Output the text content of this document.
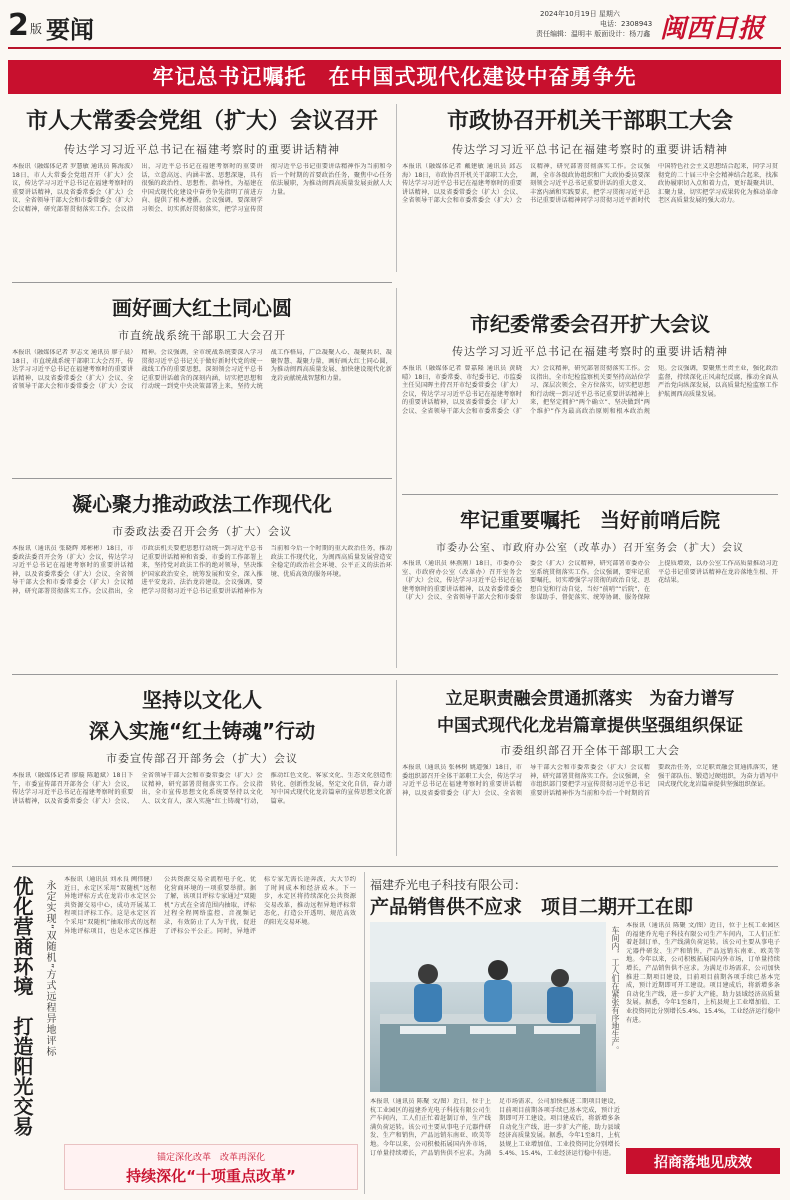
2 版 要闻
2024年10月19日 星期六
电话：2308943
责任编辑：温明丰 版面设计：杨刀鑫 闽西日报
牢记总书记嘱托　在中国式现代化建设中奋勇争先
市人大常委会党组（扩大）会议召开
传达学习习近平总书记在福建考察时的重要讲话精神
本报讯（融媒体记者 罗慧敏 通讯员 陈海波）18日，市人大常委会党组召开（扩大）会议，传达学习习近平总书记在福建考察时的重要讲话精神，以及省委常委会（扩大）会议、全省领导干部大会和市委常委会（扩大）会议精神，研究部署贯彻落实工作。会议指出，习近平总书记在福建考察时的重要讲话，立意高远、内涵丰富、思想深邃，具有很强的政治性、思想性、指导性，为福建在中国式现代化建设中奋勇争先指明了前进方向、提供了根本遵循。会议强调，要深刻学习领会、切实抓好贯彻落实，把学习宣传贯彻习近平总书记重要讲话精神作为当前和今后一个时期的首要政治任务，聚焦中心任务依法履职，为推动闽西高质量发展贡献人大力量。
市政协召开机关干部职工大会
传达学习习近平总书记在福建考察时的重要讲话精神
本报讯（融媒体记者 戴建敏 通讯员 邱志海）18日，市政协召开机关干部职工大会，传达学习习近平总书记在福建考察时的重要讲话精神，以及省委常委会（扩大）会议、全省领导干部大会和市委常委会（扩大）会议精神，研究部署贯彻落实工作。会议强调，全市各级政协组织和广大政协委员要深刻领会习近平总书记重要讲话的重大意义、丰富内涵和实践要求，把学习贯彻习近平总书记重要讲话精神同学习贯彻习近平新时代中国特色社会主义思想结合起来，同学习贯彻党的二十届三中全会精神结合起来，找准政协履职切入点和着力点，更好凝聚共识、汇聚力量，切实把学习成果转化为推动革命老区高质量发展的强大动力。
画好画大红土同心圆
市直统战系统干部职工大会召开
本报讯（融媒体记者 罗志文 通讯员 廖子晨）18日，市直统战系统干部职工大会召开，传达学习习近平总书记在福建考察时的重要讲话精神，以及省委常委会（扩大）会议、全省领导干部大会和市委常委会（扩大）会议精神。会议强调，全市统战系统要深入学习贯彻习近平总书记关于做好新时代党的统一战线工作的重要思想，深刻领会习近平总书记重要讲话蕴含的深刻内涵，切实把思想和行动统一到党中央决策部署上来，坚持大统战工作格局，广泛凝聚人心、凝聚共识、凝聚智慧、凝聚力量，画好画大红土同心圆，为推动闽西高质量发展、加快建设现代化新龙岩贡献统战智慧和力量。
市纪委常委会召开扩大会议
传达学习习近平总书记在福建考察时的重要讲话精神
本报讯（融媒体记者 曾嘉隆 通讯员 黄晓晴）18日，市委常委、市纪委书记、市监委主任吴国晖主持召开市纪委常委会（扩大）会议，传达学习习近平总书记在福建考察时的重要讲话精神，以及省委常委会（扩大）会议、全省领导干部大会和市委常委会（扩大）会议精神，研究部署贯彻落实工作。会议指出，全市纪检监察机关要坚持高站位学习、深层次领会、全方位落实，切实把思想和行动统一到习近平总书记重要讲话精神上来，把坚定拥护“两个确立”、坚决做到“两个维护”作为最高政治原则和根本政治规矩。会议强调，要聚焦主责主业，强化政治监督，持续深化正风肃纪反腐，推动全面从严治党向纵深发展，以高质量纪检监察工作护航闽西高质量发展。
凝心聚力推动政法工作现代化
市委政法委召开会务（扩大）会议
本报讯（通讯员 张晓辉 郑彬彬）18日，市委政法委召开会务（扩大）会议，传达学习习近平总书记在福建考察时的重要讲话精神，以及省委常委会（扩大）会议、全省领导干部大会和市委常委会（扩大）会议精神，研究部署贯彻落实工作。会议指出，全市政法机关要把思想行动统一到习近平总书记重要讲话精神和省委、市委的工作部署上来，坚持党对政法工作的绝对领导，坚决维护国家政治安全，统筹发展和安全，深入推进平安龙岩、法治龙岩建设。会议强调，要把学习贯彻习近平总书记重要讲话精神作为当前和今后一个时期的重大政治任务，推动政法工作现代化，为闽西高质量发展营造安全稳定的政治社会环境、公平正义的法治环境、优质高效的服务环境。
牢记重要嘱托　当好前哨后院
市委办公室、市政府办公室（改革办）召开室务会（扩大）会议
本报讯（通讯员 林燕刚）18日，市委办公室、市政府办公室（改革办）召开室务会（扩大）会议，传达学习习近平总书记在福建考察时的重要讲话精神，以及省委常委会（扩大）会议、全省领导干部大会和市委常委会（扩大）会议精神，研究部署市委办公室系统贯彻落实工作。会议强调，要牢记重要嘱托，切实增强学习贯彻的政治自觉、思想自觉和行动自觉，当好“前哨”“后院”，在参谋助手、督促落实、统筹协调、服务保障上提质增效，以办公室工作高质量推动习近平总书记重要讲话精神在龙岩落地生根、开花结果。
坚持以文化人
深入实施“红土铸魂”行动
市委宣传部召开部务会（扩大）会议
本报讯（融媒体记者 廖璇 陈超斌）18日下午，市委宣传部召开部务会（扩大）会议，传达学习习近平总书记在福建考察时的重要讲话精神，以及省委常委会（扩大）会议、全省领导干部大会和市委常委会（扩大）会议精神，研究部署贯彻落实工作。会议指出，全市宣传思想文化系统要坚持以文化人、以文育人，深入实施“红土铸魂”行动，推动红色文化、客家文化、生态文化创造性转化、创新性发展，坚定文化自信，奋力谱写中国式现代化龙岩篇章的宣传思想文化新篇章。
立足职责融会贯通抓落实　为奋力谱写
中国式现代化龙岩篇章提供坚强组织保证
市委组织部召开全体干部职工大会
本报讯（通讯员 张林树 姚道强）18日，市委组织部召开全体干部职工大会，传达学习习近平总书记在福建考察时的重要讲话精神，以及省委常委会（扩大）会议、全省领导干部大会和市委常委会（扩大）会议精神，研究部署贯彻落实工作。会议强调，全市组织部门要把学习宣传贯彻习近平总书记重要讲话精神作为当前和今后一个时期的首要政治任务，立足职责融会贯通抓落实，建强干部队伍、锻造过硬组织，为奋力谱写中国式现代化龙岩篇章提供坚强组织保证。
优化营商环境　打造阳光交易	永定实现“双随机”方式远程异地评标
本报讯（通讯员 刘永良 阙伟健）近日，永定区采用“双随机”远程异地评标方式在龙岩市永定区公共资源交易中心，成功开展某工程项目评标工作。这是永定区首个采用“双随机”抽取形式的远程异地评标项目，也是永定区推进公共资源交易全流程电子化、优化营商环境的一项重要举措。据了解，该项目评标专家通过“双随机”方式在全省范围内抽取，评标过程全程网络监控、音视频记录，有效防止了人为干扰，促进了评标公平公正。同时，异地评标专家无需长途奔波，大大节约了时间成本和经济成本。下一步，永定区将持续深化公共资源交易改革，推动远程异地评标常态化，打造公开透明、规范高效的阳光交易环境。
锚定深化改革　改革再深化
持续深化“十项重点改革”
福建乔光电子科技有限公司：
产品销售供不应求　项目二期开工在即
车间内，工人们在紧张有序地生产。
本报讯（通讯员 陈聚 文/图）近日，位于上杭工业园区的福建乔光电子科技有限公司生产车间内，工人们正忙着赶制订单，生产线满负荷运转。该公司主要从事电子元器件研发、生产和销售，产品远销东南亚、欧美等地。今年以来，公司积极拓展国内外市场，订单量持续增长，产品销售供不应求。为满足市场需求，公司加快推进二期项目建设，目前项目前期各项手续已基本完成，预计近期即可开工建设。项目建成后，将新增多条自动化生产线，进一步扩大产能，助力县域经济高质量发展。据悉，今年1至8月，上杭县规上工业增加值、工业投资同比分别增长5.4%、15.4%，工业经济运行稳中有进。
本报讯（通讯员 陈聚 文/图）近日，位于上杭工业园区的福建乔光电子科技有限公司生产车间内，工人们正忙着赶制订单，生产线满负荷运转。该公司主要从事电子元器件研发、生产和销售，产品远销东南亚、欧美等地。今年以来，公司积极拓展国内外市场，订单量持续增长，产品销售供不应求。为满足市场需求，公司加快推进二期项目建设，目前项目前期各项手续已基本完成，预计近期即可开工建设。项目建成后，将新增多条自动化生产线，进一步扩大产能，助力县域经济高质量发展。据悉，今年1至8月，上杭县规上工业增加值、工业投资同比分别增长5.4%、15.4%，工业经济运行稳中有进。
招商落地见成效
